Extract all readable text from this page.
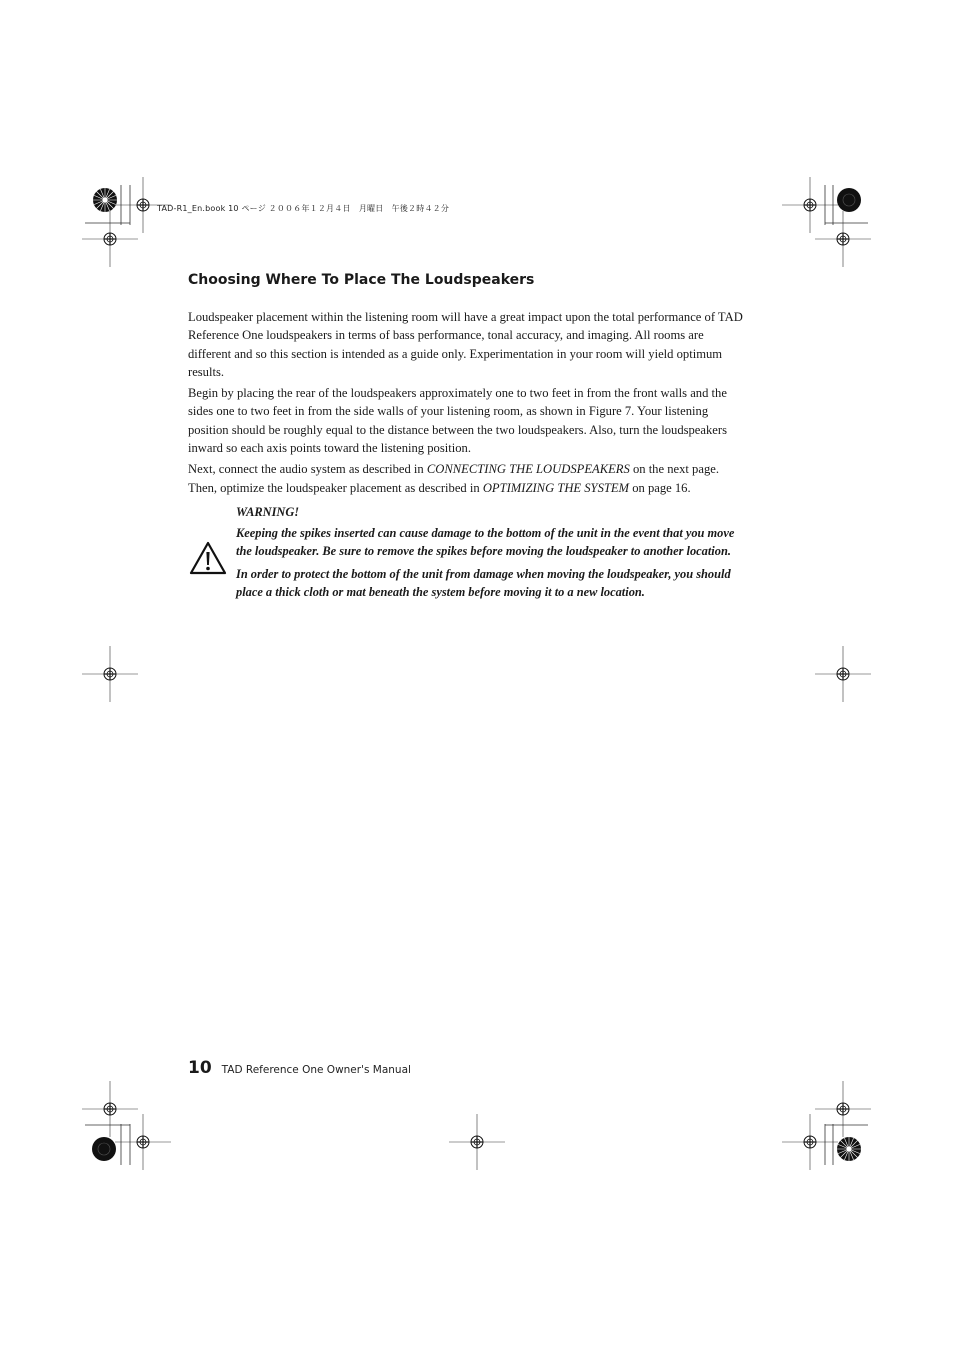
TAD-R1_En.book 10 ページ ２００６年１２月４日　月曜日　午後２時４２分
Choosing Where To Place The Loudspeakers

Loudspeaker placement within the listening room will have a great impact upon the total performance of TAD Reference One loudspeakers in terms of bass performance, tonal accuracy, and imaging. All rooms are different and so this section is intended as a guide only. Experimentation in your room will yield optimum results.

Begin by placing the rear of the loudspeakers approximately one to two feet in from the front walls and the sides one to two feet in from the side walls of your listening room, as shown in Figure 7. Your listening position should be roughly equal to the distance between the two loudspeakers. Also, turn the loudspeakers inward so each axis points toward the listening position.

Next, connect the audio system as described in CONNECTING THE LOUDSPEAKERS on the next page. Then, optimize the loudspeaker placement as described in OPTIMIZING THE SYSTEM on page 16.

WARNING!

Keeping the spikes inserted can cause damage to the bottom of the unit in the event that you move the loudspeaker. Be sure to remove the spikes before moving the loudspeaker to another location.

In order to protect the bottom of the unit from damage when moving the loudspeaker, you should place a thick cloth or mat beneath the system before moving it to a new location.

10 TAD Reference One Owner's Manual
